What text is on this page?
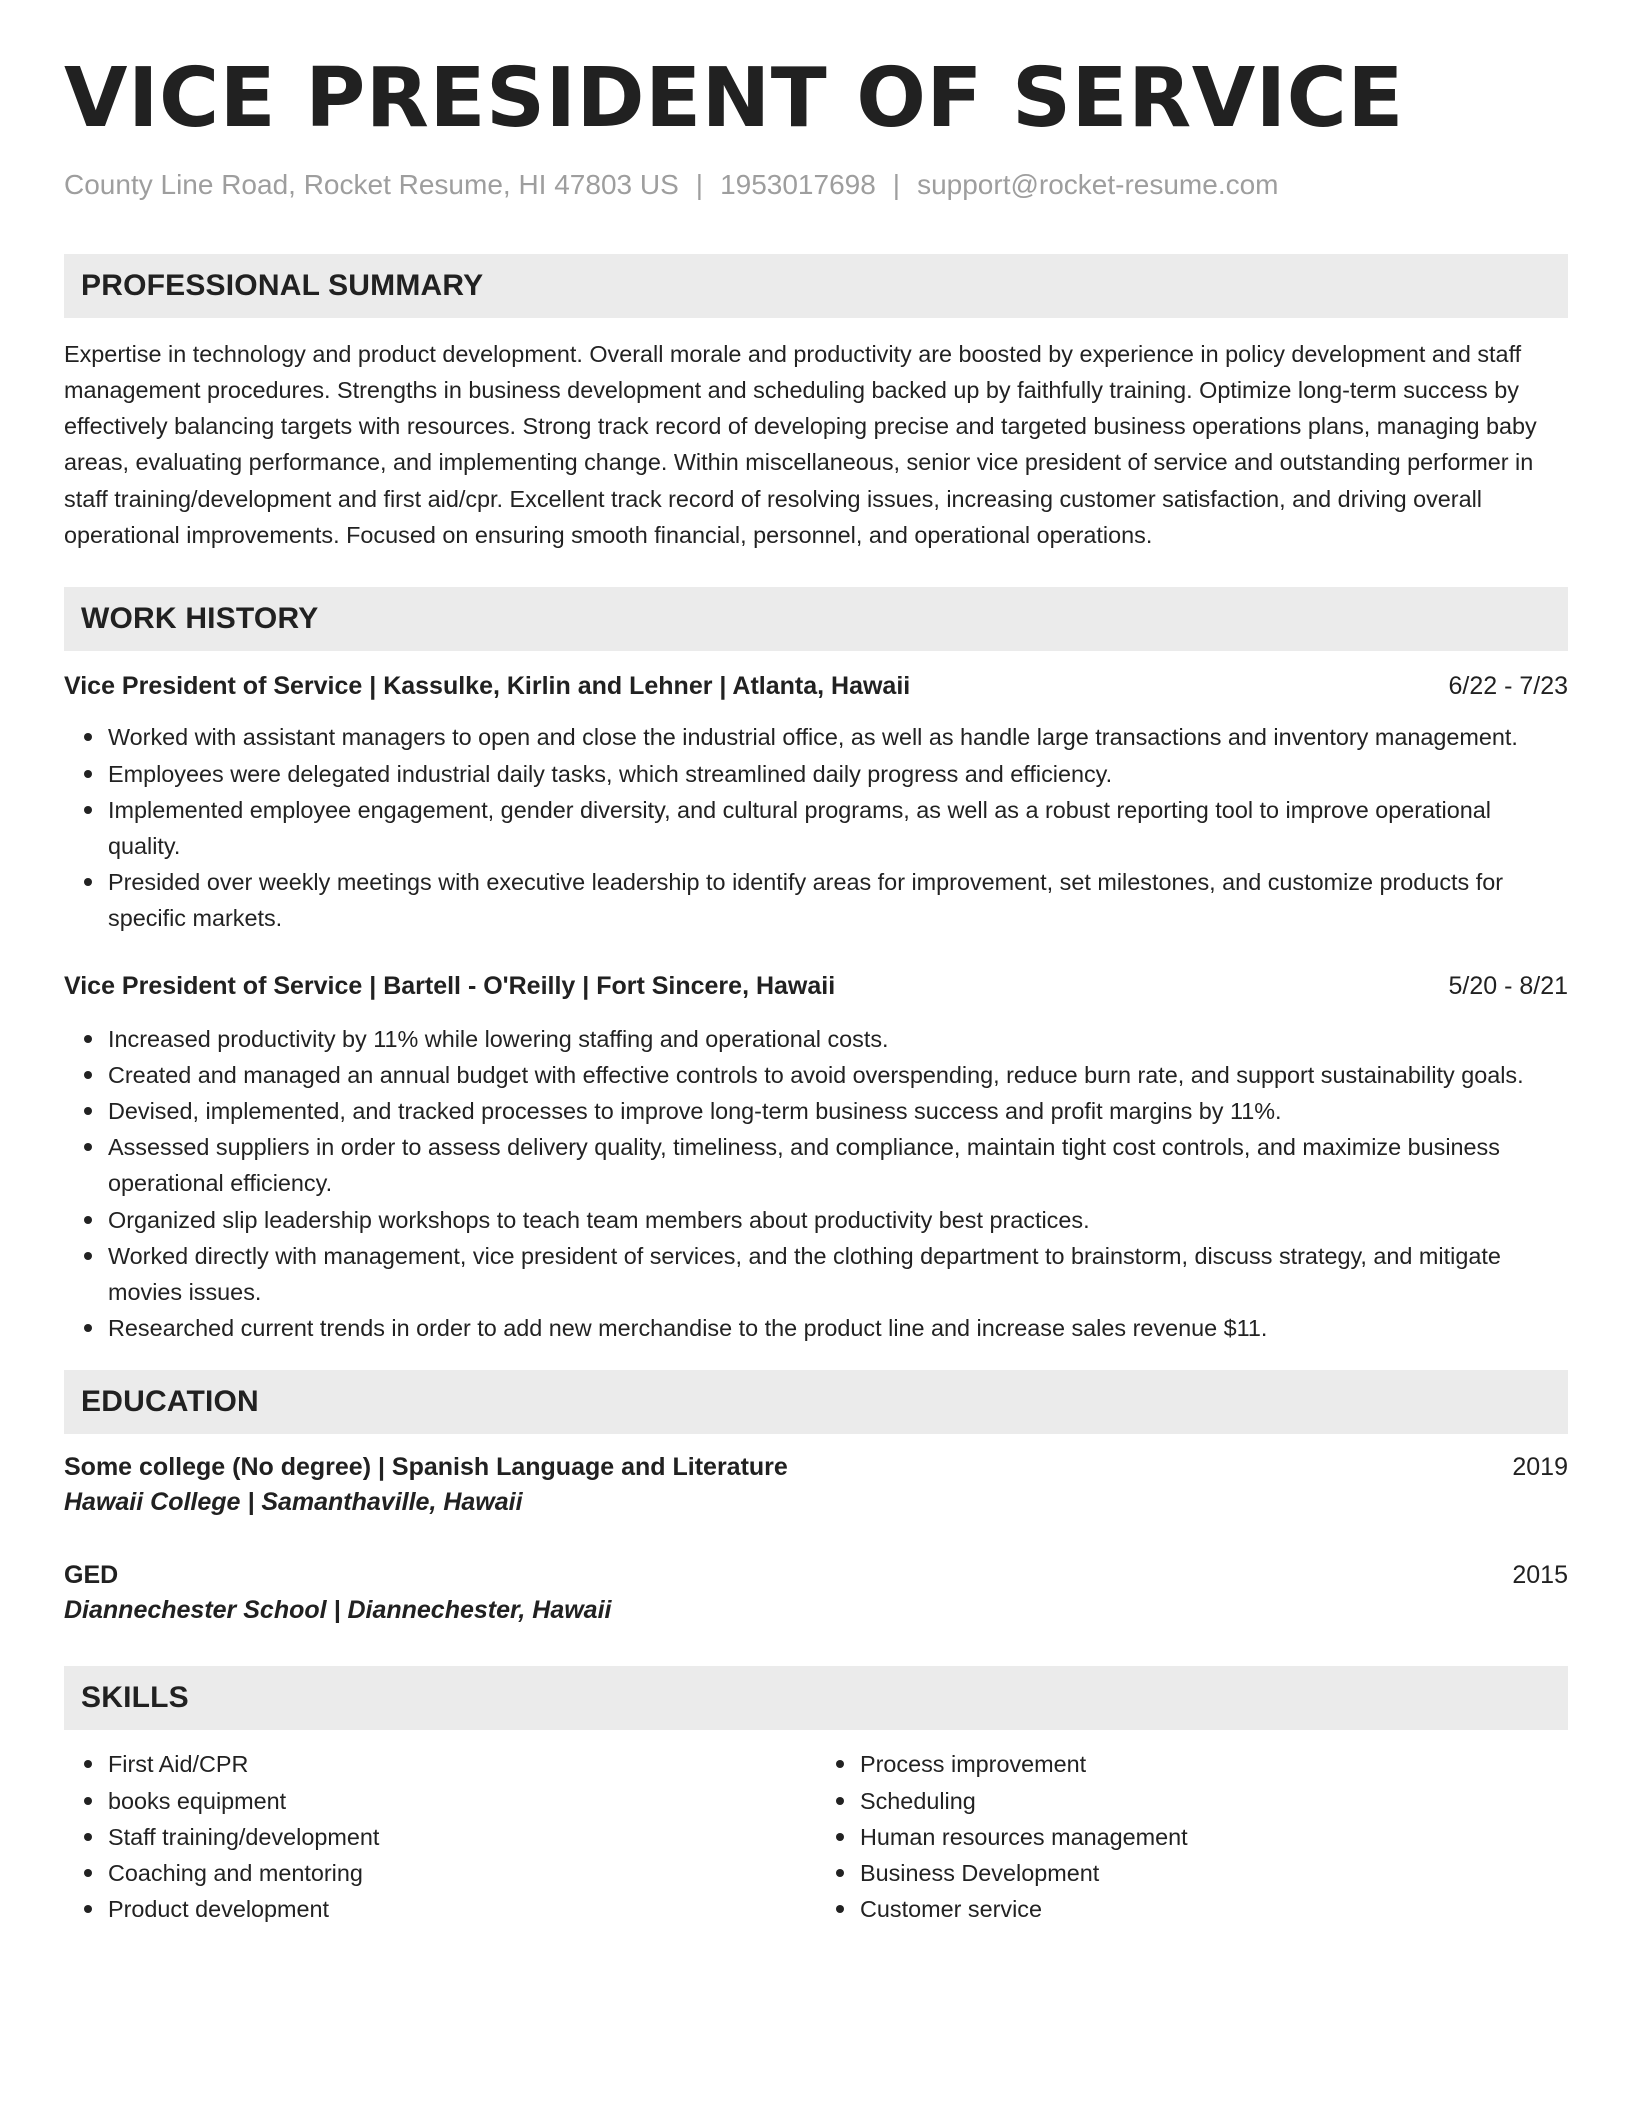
VICE PRESIDENT OF SERVICE
County Line Road, Rocket Resume, HI 47803 US | 1953017698 | support@rocket-resume.com
PROFESSIONAL SUMMARY

Expertise in technology and product development. Overall morale and productivity are boosted by experience in policy development and staff management procedures. Strengths in business development and scheduling backed up by faithfully training. Optimize long-term success by effectively balancing targets with resources. Strong track record of developing precise and targeted business operations plans, managing baby areas, evaluating performance, and implementing change. Within miscellaneous, senior vice president of service and outstanding performer in staff training/development and first aid/cpr. Excellent track record of resolving issues, increasing customer satisfaction, and driving overall operational improvements. Focused on ensuring smooth financial, personnel, and operational operations.

WORK HISTORY
Vice President of Service | Kassulke, Kirlin and Lehner | Atlanta, Hawaii	6/22 - 7/23
Worked with assistant managers to open and close the industrial office, as well as handle large transactions and inventory management.
Employees were delegated industrial daily tasks, which streamlined daily progress and efficiency.
Implemented employee engagement, gender diversity, and cultural programs, as well as a robust reporting tool to improve operational quality.
Presided over weekly meetings with executive leadership to identify areas for improvement, set milestones, and customize products for specific markets.
Vice President of Service | Bartell - O'Reilly | Fort Sincere, Hawaii	5/20 - 8/21
Increased productivity by 11% while lowering staffing and operational costs.
Created and managed an annual budget with effective controls to avoid overspending, reduce burn rate, and support sustainability goals.
Devised, implemented, and tracked processes to improve long-term business success and profit margins by 11%.
Assessed suppliers in order to assess delivery quality, timeliness, and compliance, maintain tight cost controls, and maximize business operational efficiency.
Organized slip leadership workshops to teach team members about productivity best practices.
Worked directly with management, vice president of services, and the clothing department to brainstorm, discuss strategy, and mitigate movies issues.
Researched current trends in order to add new merchandise to the product line and increase sales revenue $11.
EDUCATION
Some college (No degree) | Spanish Language and Literature	2019
Hawaii College | Samanthaville, Hawaii
GED	2015
Diannechester School | Diannechester, Hawaii
SKILLS
First Aid/CPR
books equipment
Staff training/development
Coaching and mentoring
Product development
Process improvement
Scheduling
Human resources management
Business Development
Customer service
